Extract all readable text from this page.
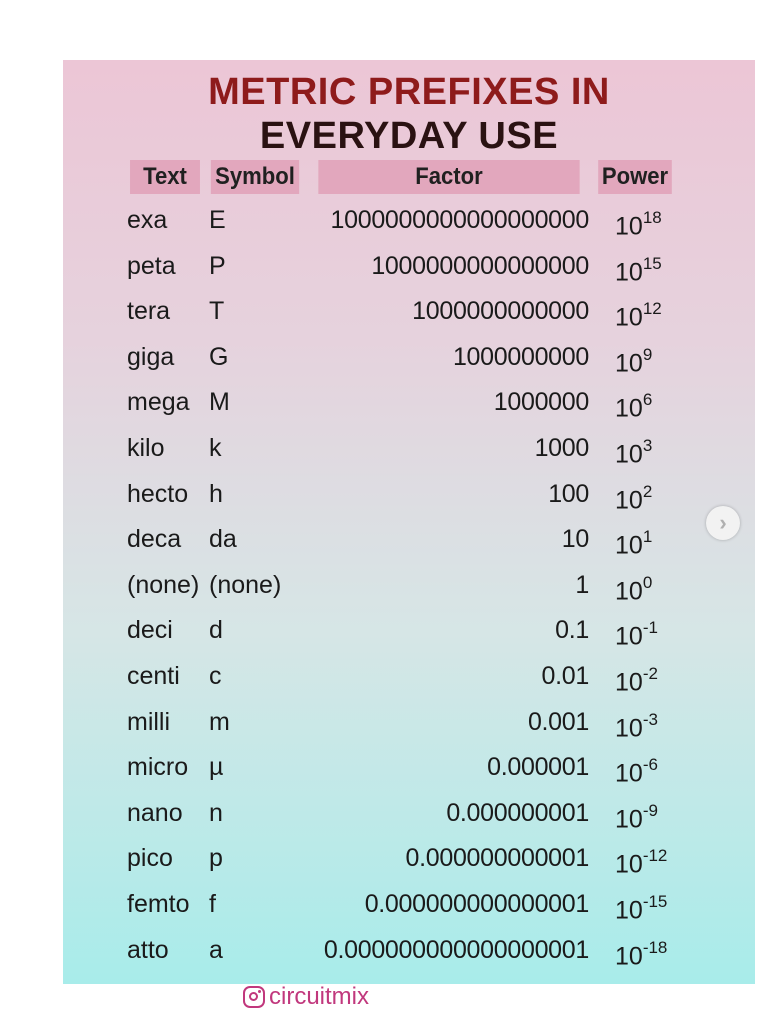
METRIC PREFIXES IN
EVERYDAY USE
Text	Symbol	Factor	Power
exa E	1000000000000000000 $10^{18}$
peta P	1000000000000000 $10^{15}$
tera T	1000000000000 $10^{12}$
giga G	1000000000 $10^9$
mega M	1000000 $10^6$
kilo k	1000 $10^3$
hecto h	100 $10^2$
deca da	10 $10^1$
(none) (none)	1 $10^0$
deci d	0.1 $10^{-1}$
centi c	0.01 $10^{-2}$
milli m	0.001 $10^{-3}$
micro µ	0.000001 $10^{-6}$
nano n	0.000000001 $10^{-9}$
pico p	0.000000000001 $10^{-12}$
femto f	0.000000000000001 $10^{-15}$
atto a	0.000000000000000001 $10^{-18}$
circuitmix
›
